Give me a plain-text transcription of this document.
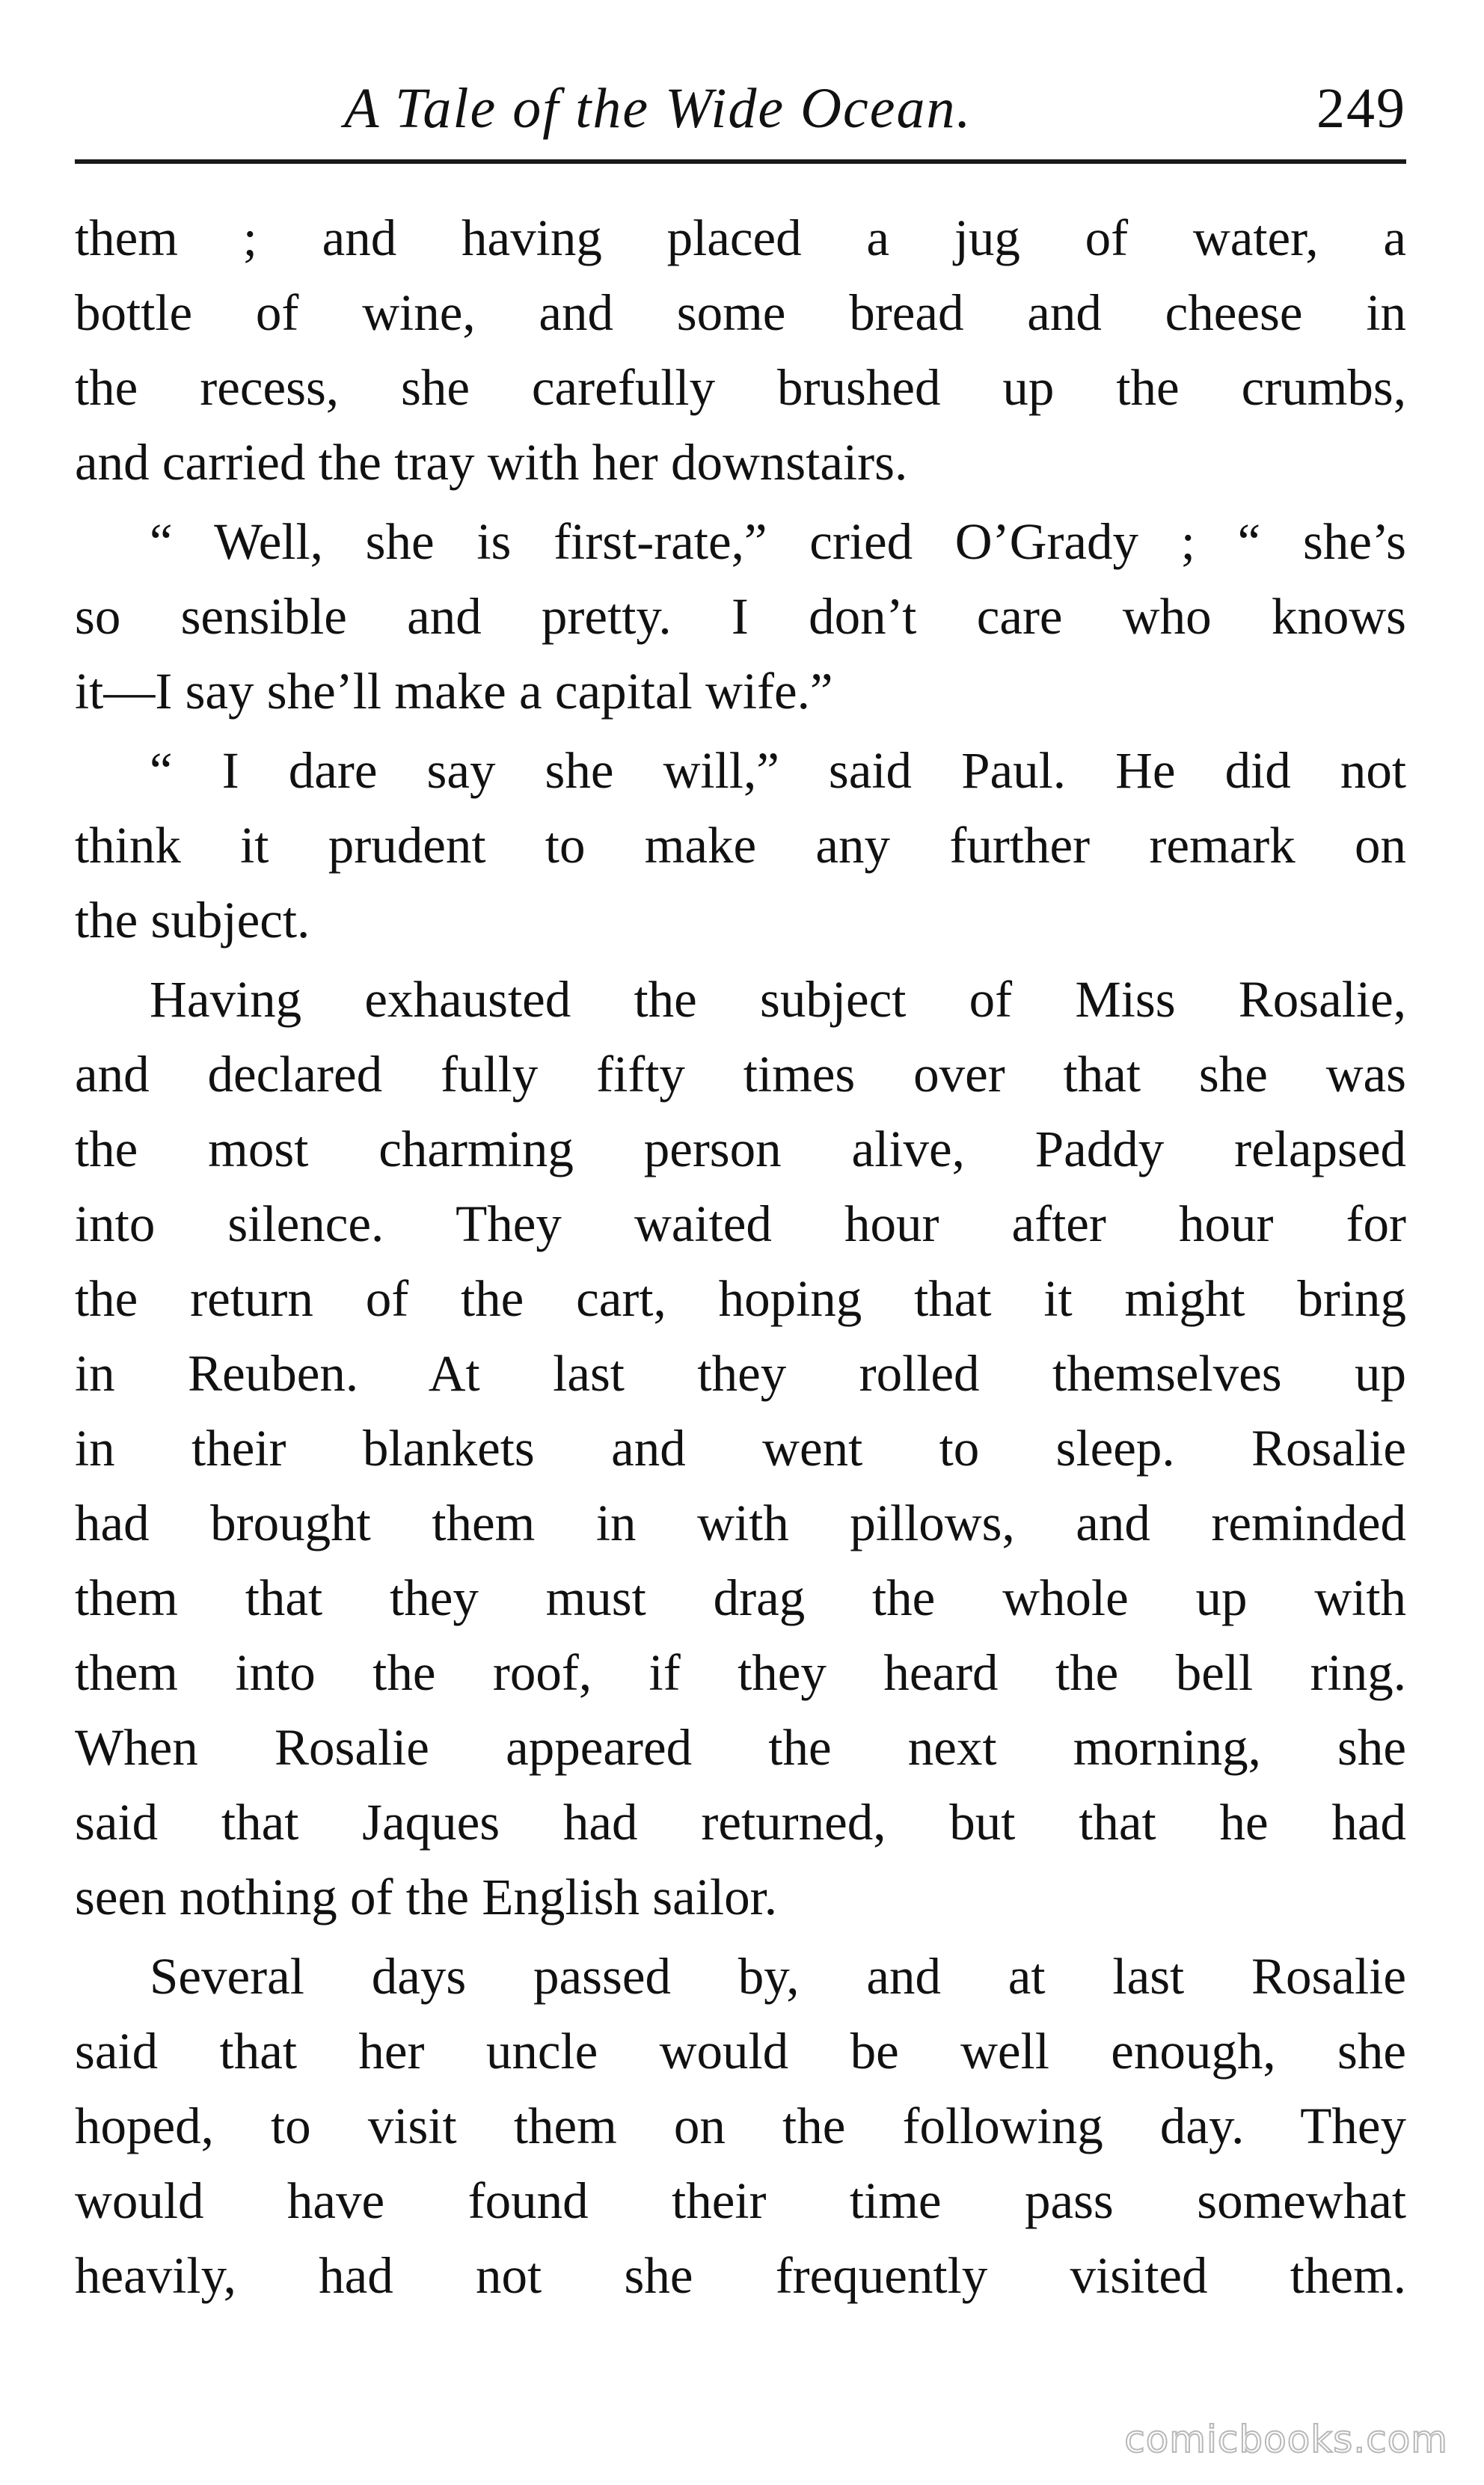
A Tale of the Wide Ocean.	249
them ; and having placed a jug of water, a
bottle of wine, and some bread and cheese in
the recess, she carefully brushed up the crumbs,
and carried the tray with her downstairs.
“ Well, she is first-rate,” cried O’Grady ; “ she’s
so sensible and pretty. I don’t care who knows
it—I say she’ll make a capital wife.”
“ I dare say she will,” said Paul. He did not
think it prudent to make any further remark on
the subject.
Having exhausted the subject of Miss Rosalie,
and declared fully fifty times over that she was
the most charming person alive, Paddy relapsed
into silence. They waited hour after hour for
the return of the cart, hoping that it might bring
in Reuben. At last they rolled themselves up
in their blankets and went to sleep. Rosalie
had brought them in with pillows, and reminded
them that they must drag the whole up with
them into the roof, if they heard the bell ring.
When Rosalie appeared the next morning, she
said that Jaques had returned, but that he had
seen nothing of the English sailor.
Several days passed by, and at last Rosalie
said that her uncle would be well enough, she
hoped, to visit them on the following day. They
would have found their time pass somewhat
heavily, had not she frequently visited them.
comicbooks.com
